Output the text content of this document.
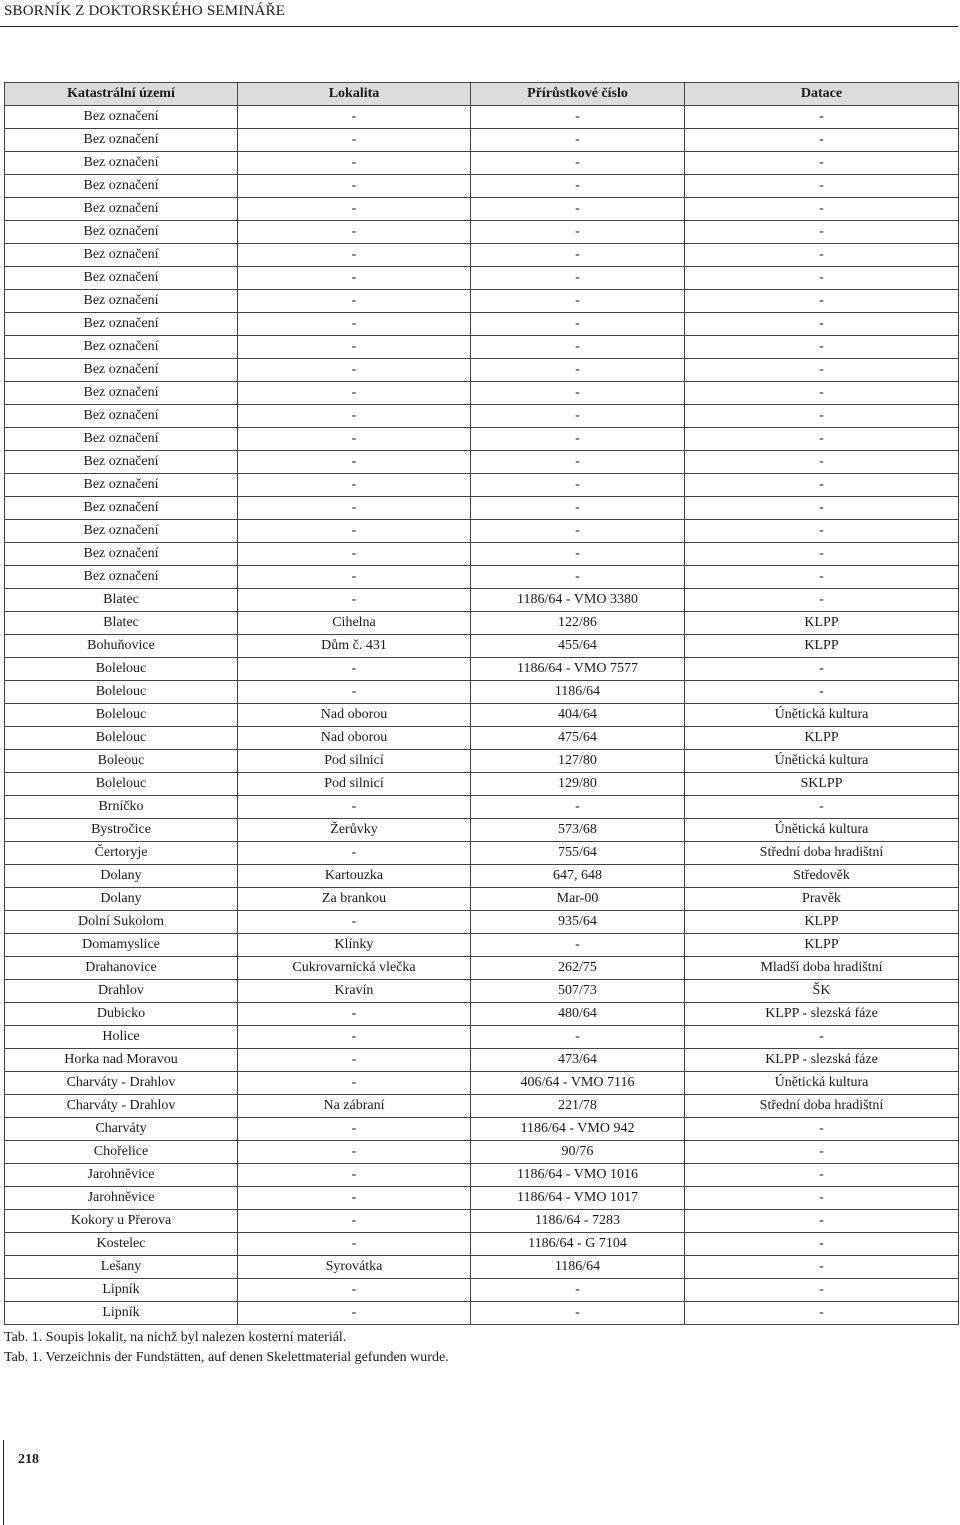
SBORNÍK Z DOKTORSKÉHO SEMINÁŘE
Katastrální území	Lokalita	Přírůstkové číslo	Datace
Bez označení	-	-	-
Bez označení	-	-	-
Bez označení	-	-	-
Bez označení	-	-	-
Bez označení	-	-	-
Bez označení	-	-	-
Bez označení	-	-	-
Bez označení	-	-	-
Bez označení	-	-	-
Bez označení	-	-	-
Bez označení	-	-	-
Bez označení	-	-	-
Bez označení	-	-	-
Bez označení	-	-	-
Bez označení	-	-	-
Bez označení	-	-	-
Bez označení	-	-	-
Bez označení	-	-	-
Bez označení	-	-	-
Bez označení	-	-	-
Bez označení	-	-	-
Blatec	-	1186/64 - VMO 3380	-
Blatec	Cihelna	122/86	KLPP
Bohuňovice	Dům č. 431	455/64	KLPP
Bolelouc	-	1186/64 - VMO 7577	-
Bolelouc	-	1186/64	-
Bolelouc	Nad oborou	404/64	Únětická kultura
Bolelouc	Nad oborou	475/64	KLPP
Boleouc	Pod silnicí	127/80	Únětická kultura
Bolelouc	Pod silnicí	129/80	SKLPP
Brníčko	-	-	-
Bystročice	Žerůvky	573/68	Únětická kultura
Čertoryje	-	755/64	Střední doba hradištní
Dolany	Kartouzka	647, 648	Středověk
Dolany	Za brankou	Mar-00	Pravěk
Dolní Sukolom	-	935/64	KLPP
Domamyslice	Klínky	-	KLPP
Drahanovice	Cukrovarnická vlečka	262/75	Mladší doba hradištní
Drahlov	Kravín	507/73	ŠK
Dubicko	-	480/64	KLPP - slezská fáze
Holice	-	-	-
Horka nad Moravou	-	473/64	KLPP - slezská fáze
Charváty - Drahlov	-	406/64 - VMO 7116	Únětická kultura
Charváty - Drahlov	Na zábraní	221/78	Střední doba hradištní
Charváty	-	1186/64 - VMO 942	-
Chořelice	-	90/76	-
Jarohněvice	-	1186/64 - VMO 1016	-
Jarohněvice	-	1186/64 - VMO 1017	-
Kokory u Přerova	-	1186/64 - 7283	-
Kostelec	-	1186/64 - G 7104	-
Lešany	Syrovátka	1186/64	-
Lipník	-	-	-
Lipník	-	-	-
Tab. 1. Soupis lokalit, na nichž byl nalezen kosterní materiál.
Tab. 1. Verzeichnis der Fundstätten, auf denen Skelettmaterial gefunden wurde.
218
